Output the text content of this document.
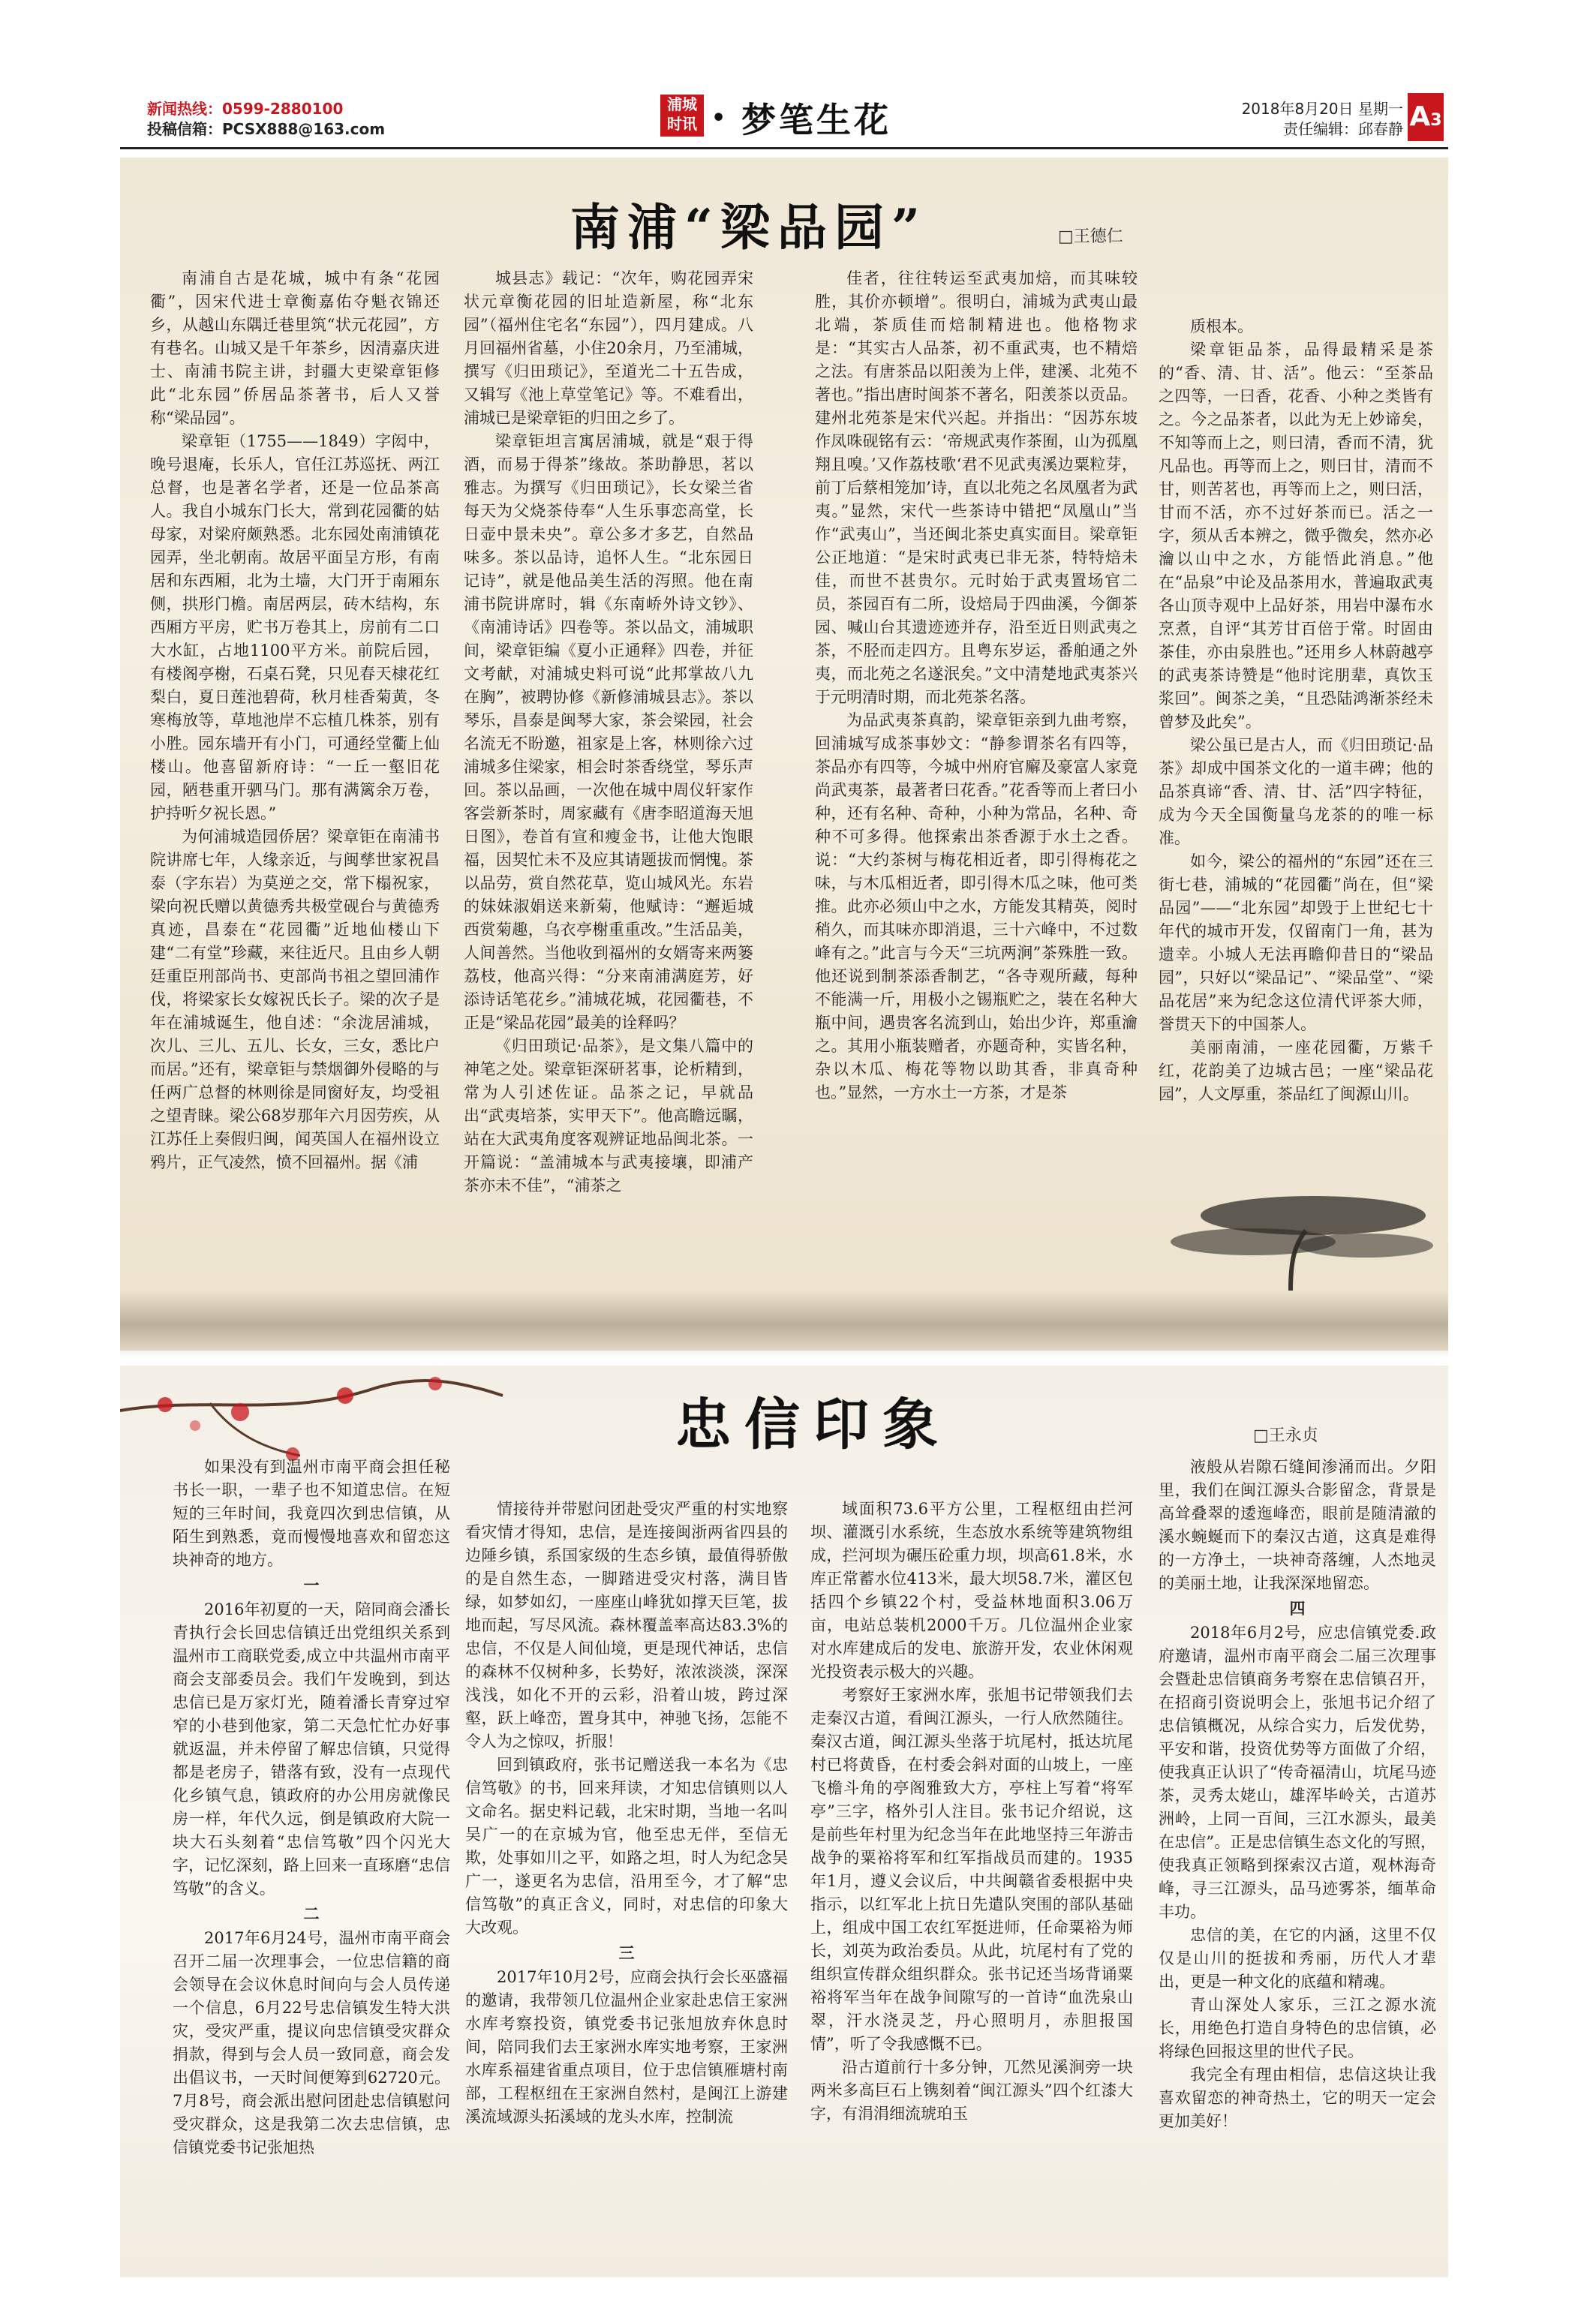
新闻热线：0599-2880100
投稿信箱：PCSX888@163.com
浦城
时讯 • 梦笔生花	2018年8月20日 星期一
责任编辑：邱春静 A3
南浦“梁品园”	□王德仁

南浦自古是花城，城中有条“花园衢”，因宋代进士章衡嘉佑夺魁衣锦还乡，从越山东隅迁巷里筑“状元花园”，方有巷名。山城又是千年茶乡，因清嘉庆进士、南浦书院主讲，封疆大吏梁章钜修此“北东园”侨居品茶著书，后人又誉称“梁品园”。

梁章钜（1755——1849）字闳中，晚号退庵，长乐人，官任江苏巡抚、两江总督，也是著名学者，还是一位品茶高人。我自小城东门长大，常到花园衢的姑母家，对梁府颇熟悉。北东园处南浦镇花园弄，坐北朝南。故居平面呈方形，有南居和东西厢，北为土墙，大门开于南厢东侧，拱形门檐。南居两层，砖木结构，东西厢方平房，贮书万卷其上，房前有二口大水缸，占地1100平方米。前院后园，有楼阁亭榭，石桌石凳，只见春天棣花红梨白，夏日莲池碧荷，秋月桂香菊黄，冬寒梅放等，草地池岸不忘植几株茶，别有小胜。园东墙开有小门，可通经堂衢上仙楼山。他喜留新府诗：“一丘一壑旧花园，陋巷重开驷马门。那有满篱余万卷，护持听夕祝长恩。”

为何浦城造园侨居？梁章钜在南浦书院讲席七年，人缘亲近，与闽孳世家祝昌泰（字东岩）为莫逆之交，常下榻祝家，梁向祝氏赠以黄德秀共极堂砚台与黄德秀真迹，昌泰在“花园衢”近地仙楼山下建“二有堂”珍藏，来往近尺。且由乡人朝廷重臣刑部尚书、吏部尚书祖之望回浦作伐，将梁家长女嫁祝氏长子。梁的次子是年在浦城诞生，他自述：“余泷居浦城，次儿、三儿、五儿、长女，三女，悉比户而居。”还有，梁章钜与禁烟御外侵略的与任两广总督的林则徐是同窗好友，均受祖之望青睐。梁公68岁那年六月因劳疾，从江苏任上奏假归闽，闻英国人在福州设立鸦片，正气凌然，愤不回福州。据《浦

城县志》载记：“次年，购花园弄宋状元章衡花园的旧址造新屋，称“北东园”（福州住宅名“东园”），四月建成。八月回福州省墓，小住20余月，乃至浦城，撰写《归田琐记》，至道光二十五告成，又辑写《池上草堂笔记》等。不难看出，浦城已是梁章钜的归田之乡了。

梁章钜坦言寓居浦城，就是“艰于得酒，而易于得茶”缘故。茶助静思，茗以雅志。为撰写《归田琐记》，长女梁兰省每天为父烧茶侍奉“人生乐事恋高堂，长日壶中景未央”。章公多才多艺，自然品味多。茶以品诗，追怀人生。“北东园日记诗”，就是他品美生活的泻照。他在南浦书院讲席时，辑《东南峤外诗文钞》、《南浦诗话》四卷等。茶以品文，浦城职间，梁章钜编《夏小正通释》四卷，并征文考献，对浦城史料可说“此邦掌故八九在胸”，被聘协修《新修浦城县志》。茶以琴乐，昌泰是闽琴大家，茶会梁园，社会名流无不盼邀，祖家是上客，林则徐六过浦城多住梁家，相会时茶香绕堂，琴乐声回。茶以品画，一次他在城中周仪轩家作客尝新茶时，周家藏有《唐李昭道海天旭日图》，卷首有宣和瘦金书，让他大饱眼福，因契忙未不及应其请题拔而惘愧。茶以品劳，赏自然花草，览山城风光。东岩的妹妹淑娟送来新菊，他赋诗：“邂逅城西赏菊趣，乌衣亭榭重重改。”生活品美，人间善然。当他收到福州的女婿寄来两篓荔枝，他高兴得：“分来南浦满庭芳，好添诗话笔花乡。”浦城花城，花园衢巷，不正是“梁品花园”最美的诠释吗？

《归田琐记·品茶》，是文集八篇中的神笔之处。梁章钜深研茗事，论析精到，常为人引述佐证。品茶之记，早就品出“武夷培茶，实甲天下”。他高瞻远瞩，站在大武夷角度客观辨证地品闽北茶。一开篇说：“盖浦城本与武夷接壤，即浦产茶亦未不佳”，“浦茶之

佳者，往往转运至武夷加焙，而其味较胜，其价亦顿增”。很明白，浦城为武夷山最北端，茶质佳而焙制精进也。他格物求是：“其实古人品茶，初不重武夷，也不精焙之法。有唐茶品以阳羡为上伴，建溪、北苑不著也。”指出唐时闽茶不著名，阳羡茶以贡品。建州北苑茶是宋代兴起。并指出：“因苏东坡作凤咮砚铭有云：‘帝规武夷作茶囿，山为孤凰翔且嗅。’又作荔枝歌‘君不见武夷溪边粟粒芽，前丁后蔡相笼加’诗，直以北苑之名凤凰者为武夷。”显然，宋代一些茶诗中错把“凤凰山”当作“武夷山”，当还闽北茶史真实面目。梁章钜公正地道：“是宋时武夷已非无茶，特特焙未佳，而世不甚贵尔。元时始于武夷置场官二员，茶园百有二所，设焙局于四曲溪，今御茶园、喊山台其遗迹迹并存，沿至近日则武夷之茶，不胫而走四方。且粤东岁运，番舶通之外夷，而北苑之名遂泯矣。”文中清楚地武夷茶兴于元明清时期，而北苑茶名落。

为品武夷茶真韵，梁章钜亲到九曲考察，回浦城写成茶事妙文：“静参谓茶名有四等，茶品亦有四等，今城中州府官廨及豪富人家竟尚武夷茶，最著者曰花香。”花香等而上者曰小种，还有名种、奇种，小种为常品，名种、奇种不可多得。他探索出茶香源于水土之香。说：“大约茶树与梅花相近者，即引得梅花之味，与木瓜相近者，即引得木瓜之味，他可类推。此亦必须山中之水，方能发其精英，阅时稍久，而其味亦即消退，三十六峰中，不过数峰有之。”此言与今天“三坑两涧”茶殊胜一致。他还说到制茶添香制艺，“各寺观所藏，每种不能满一斤，用极小之锡瓶贮之，装在名种大瓶中间，遇贵客名流到山，始出少许，郑重瀹之。其用小瓶装赠者，亦题奇种，实皆名种，杂以木瓜、梅花等物以助其香，非真奇种也。”显然，一方水土一方茶，才是茶

质根本。

梁章钜品茶，品得最精采是茶的“香、清、甘、活”。他云：“至茶品之四等，一曰香，花香、小种之类皆有之。今之品茶者，以此为无上妙谛矣，不知等而上之，则曰清，香而不清，犹凡品也。再等而上之，则曰甘，清而不甘，则苦茗也，再等而上之，则曰活，甘而不活，亦不过好茶而已。活之一字，须从舌本辨之，微乎微矣，然亦必瀹以山中之水，方能悟此消息。”他在“品泉”中论及品茶用水，普遍取武夷各山顶寺观中上品好茶，用岩中瀑布水烹煮，自评“其芳甘百倍于常。时固由茶佳，亦由泉胜也。”还用乡人林蔚越亭的武夷茶诗赞是“他时诧朋辈，真饮玉浆回”。闽茶之美，“且恐陆鸿渐茶经未曾梦及此矣”。

梁公虽已是古人，而《归田琐记·品茶》却成中国茶文化的一道丰碑；他的品茶真谛“香、清、甘、活”四字特征，成为今天全国衡量乌龙茶的的唯一标准。

如今，梁公的福州的“东园”还在三街七巷，浦城的“花园衢”尚在，但“梁品园”——“北东园”却毁于上世纪七十年代的城市开发，仅留南门一角，甚为遗幸。小城人无法再瞻仰昔日的“梁品园”，只好以“梁品记”、“梁品堂”、“梁品花居”来为纪念这位清代评茶大师，誉贯天下的中国茶人。

美丽南浦，一座花园衢，万紫千红，花韵美了边城古邑；一座“梁品花园”，人文厚重，茶品红了闽源山川。

忠信印象	□王永贞

如果没有到温州市南平商会担任秘书长一职，一辈子也不知道忠信。在短短的三年时间，我竟四次到忠信镇，从陌生到熟悉，竟而慢慢地喜欢和留恋这块神奇的地方。

一

2016年初夏的一天，陪同商会潘长青执行会长回忠信镇迁出党组织关系到温州市工商联党委,成立中共温州市南平商会支部委员会。我们午发晚到，到达忠信已是万家灯光，随着潘长青穿过窄窄的小巷到他家，第二天急忙忙办好事就返温，并未停留了解忠信镇，只觉得都是老房子，错落有致，没有一点现代化乡镇气息，镇政府的办公用房就像民房一样，年代久远，倒是镇政府大院一块大石头刻着“忠信笃敬”四个闪光大字，记忆深刻，路上回来一直琢磨“忠信笃敬”的含义。

二

2017年6月24号，温州市南平商会召开二届一次理事会，一位忠信籍的商会领导在会议休息时间向与会人员传递一个信息，6月22号忠信镇发生特大洪灾，受灾严重，提议向忠信镇受灾群众捐款，得到与会人员一致同意，商会发出倡议书，一天时间便筹到62720元。7月8号，商会派出慰问团赴忠信镇慰问受灾群众，这是我第二次去忠信镇，忠信镇党委书记张旭热

情接待并带慰问团赴受灾严重的村实地察看灾情才得知，忠信，是连接闽浙两省四县的边陲乡镇，系国家级的生态乡镇，最值得骄傲的是自然生态，一脚踏进受灾村落，满目皆绿，如梦如幻，一座座山峰犹如撑天巨笔，拔地而起，写尽风流。森林覆盖率高达83.3%的忠信，不仅是人间仙境，更是现代神话，忠信的森林不仅树种多，长势好，浓浓淡淡，深深浅浅，如化不开的云彩，沿着山坡，跨过深壑，跃上峰峦，置身其中，神驰飞扬，怎能不令人为之惊叹，折服！

回到镇政府，张书记赠送我一本名为《忠信笃敬》的书，回来拜读，才知忠信镇则以人文命名。据史料记载，北宋时期，当地一名叫吴广一的在京城为官，他至忠无伴，至信无欺，处事如川之平，如路之坦，时人为纪念吴广一，遂更名为忠信，沿用至今，才了解“忠信笃敬”的真正含义，同时，对忠信的印象大大改观。

三

2017年10月2号，应商会执行会长巫盛福的邀请，我带领几位温州企业家赴忠信王家洲水库考察投资，镇党委书记张旭放弃休息时间，陪同我们去王家洲水库实地考察，王家洲水库系福建省重点项目，位于忠信镇雁塘村南部，工程枢纽在王家洲自然村，是闽江上游建溪流域源头拓溪域的龙头水库，控制流

域面积73.6平方公里，工程枢纽由拦河坝、灌溉引水系统，生态放水系统等建筑物组成，拦河坝为碾压砼重力坝，坝高61.8米，水库正常蓄水位413米，最大坝58.7米，灌区包括四个乡镇22个村，受益林地面积3.06万亩，电站总装机2000千万。几位温州企业家对水库建成后的发电、旅游开发，农业休闲观光投资表示极大的兴趣。

考察好王家洲水库，张旭书记带领我们去走秦汉古道，看闽江源头，一行人欣然随往。秦汉古道，闽江源头坐落于坑尾村，抵达坑尾村已将黄昏，在村委会斜对面的山坡上，一座飞檐斗角的亭阁雅致大方，亭柱上写着“将军亭”三字，格外引人注目。张书记介绍说，这是前些年村里为纪念当年在此地坚持三年游击战争的粟裕将军和红军指战员而建的。1935年1月，遵义会议后，中共闽赣省委根据中央指示，以红军北上抗日先遣队突围的部队基础上，组成中国工农红军挺进师，任命粟裕为师长，刘英为政治委员。从此，坑尾村有了党的组织宣传群众组织群众。张书记还当场背诵粟裕将军当年在战争间隙写的一首诗“血洗泉山翠，汗水浇灵芝，丹心照明月，赤胆报国情”，听了令我感慨不已。

沿古道前行十多分钟，兀然见溪涧旁一块两米多高巨石上镌刻着“闽江源头”四个红漆大字，有涓涓细流琥珀玉

液般从岩隙石缝间渗涌而出。夕阳里，我们在闽江源头合影留念，背景是高耸叠翠的逶迤峰峦，眼前是随清澈的溪水蜿蜒而下的秦汉古道，这真是难得的一方净土，一块神奇落缠，人杰地灵的美丽土地，让我深深地留恋。

四

2018年6月2号，应忠信镇党委.政府邀请，温州市南平商会二届三次理事会暨赴忠信镇商务考察在忠信镇召开，在招商引资说明会上，张旭书记介绍了忠信镇概况，从综合实力，后发优势，平安和谐，投资优势等方面做了介绍，使我真正认识了“传奇福清山，坑尾马迹茶，灵秀太姥山，雄浑毕岭关，古道苏洲岭，上同一百间，三江水源头，最美在忠信”。正是忠信镇生态文化的写照，使我真正领略到探索汉古道，观林海奇峰，寻三江源头，品马迹雾茶，缅革命丰功。

忠信的美，在它的内涵，这里不仅仅是山川的挺拔和秀丽，历代人才辈出，更是一种文化的底蕴和精魂。

青山深处人家乐，三江之源水流长，用绝色打造自身特色的忠信镇，必将绿色回报这里的世代子民。

我完全有理由相信，忠信这块让我喜欢留恋的神奇热土，它的明天一定会更加美好！
